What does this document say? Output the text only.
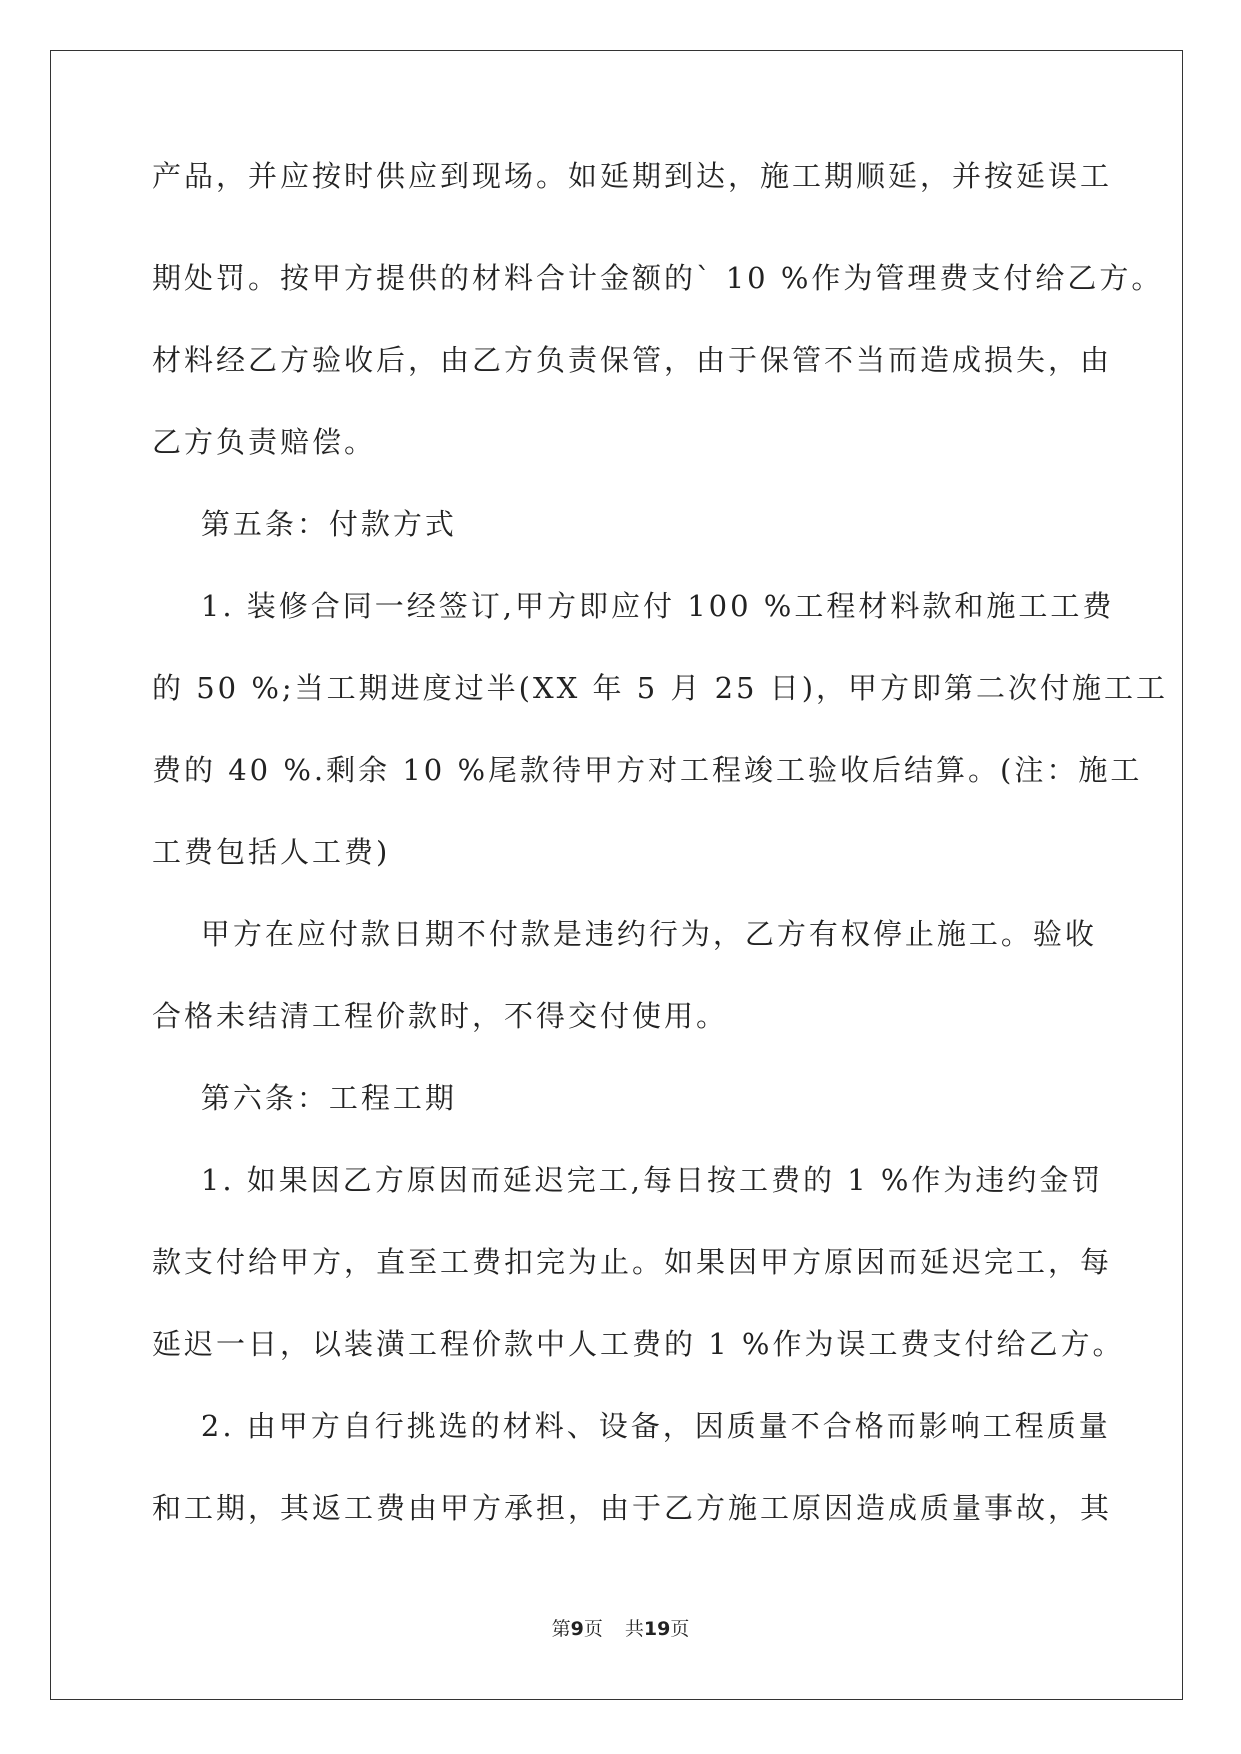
产品，并应按时供应到现场。如延期到达，施工期顺延，并按延误工
期处罚。按甲方提供的材料合计金额的` 10 %作为管理费支付给乙方。
材料经乙方验收后，由乙方负责保管，由于保管不当而造成损失，由
乙方负责赔偿。
第五条：付款方式
1. 装修合同一经签订,甲方即应付 100 %工程材料款和施工工费
的 50 %;当工期进度过半(XX 年 5 月 25 日)，甲方即第二次付施工工
费的 40 %.剩余 10 %尾款待甲方对工程竣工验收后结算。(注：施工
工费包括人工费)
甲方在应付款日期不付款是违约行为，乙方有权停止施工。验收
合格未结清工程价款时，不得交付使用。
第六条：工程工期
1. 如果因乙方原因而延迟完工,每日按工费的 1 %作为违约金罚
款支付给甲方，直至工费扣完为止。如果因甲方原因而延迟完工，每
延迟一日，以装潢工程价款中人工费的 1 %作为误工费支付给乙方。
2. 由甲方自行挑选的材料、设备，因质量不合格而影响工程质量
和工期，其返工费由甲方承担，由于乙方施工原因造成质量事故，其
第9页 共19页
